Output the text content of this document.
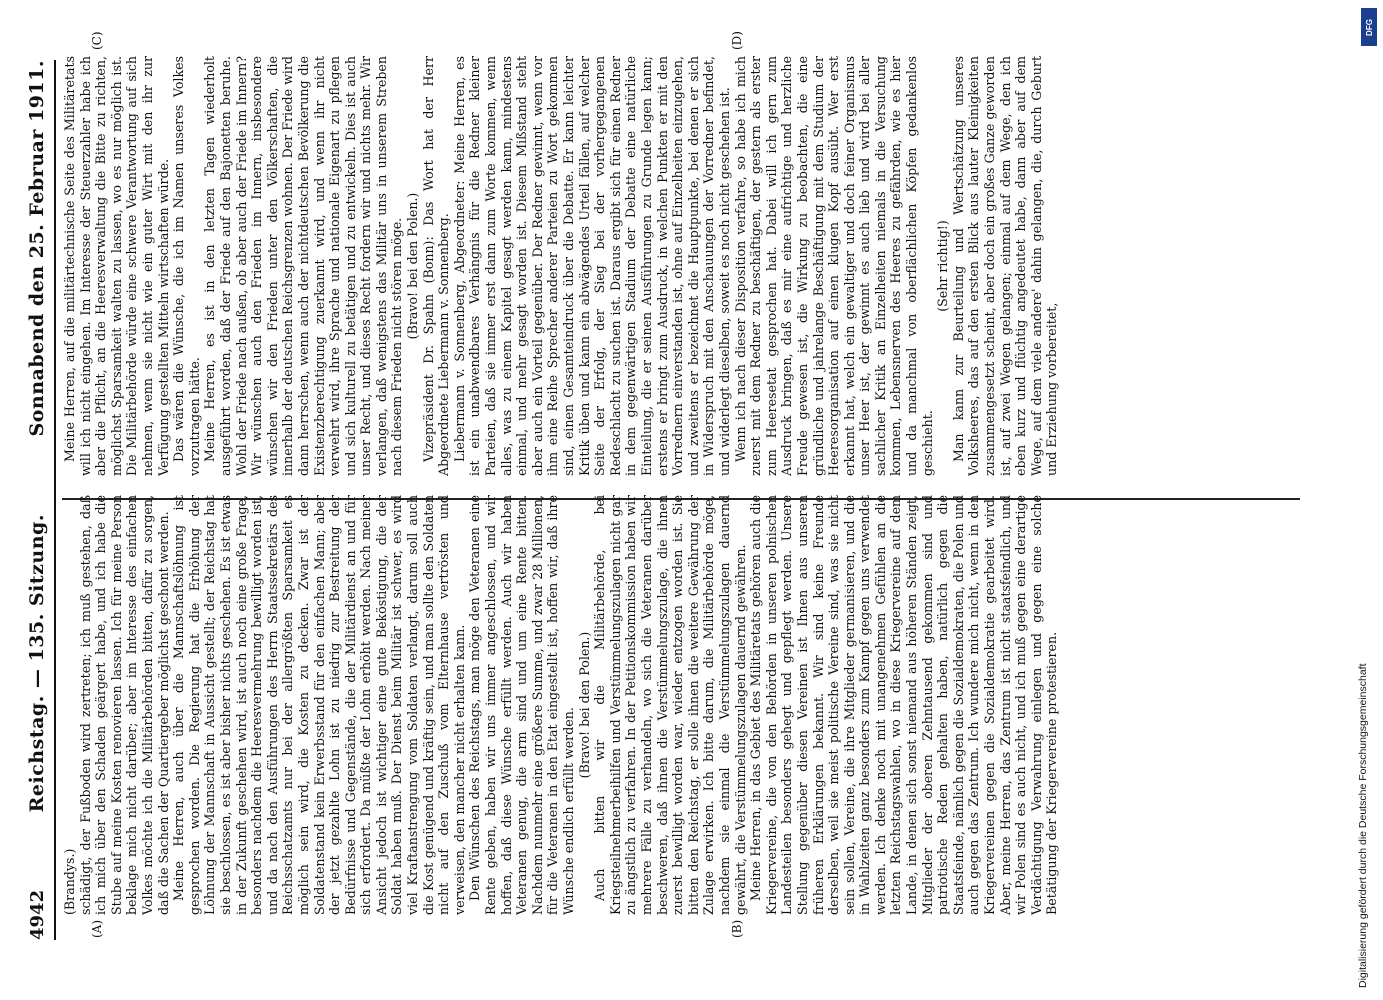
4942
Reichstag. — 135. Sitzung.
Sonnabend den 25. Februar 1911.
(A)	(B)
(C)	(D)

(Brandys.) schädigt, der Fußboden wird zertreten; ich muß gestehen, daß ich mich über den Schaden geärgert habe, und ich habe die Stube auf meine Kosten renovieren lassen. Ich für meine Person beklage mich nicht darüber; aber im Interesse des einfachen Volkes möchte ich die Militärbehörden bitten, dafür zu sorgen, daß die Sachen der Quartiergeber möglichst geschont werden. Meine Herren, auch über die Mannschaftslöhnung ist gesprochen worden. Die Regierung hat die Erhöhung der Löhnung der Mannschaft in Aussicht gestellt; der Reichstag hat sie beschlossen, es ist aber bisher nichts geschehen. Es ist etwas in der Zukunft geschehen wird, ist auch noch eine große Frage, besonders nachdem die Heeresvermehrung bewilligt worden ist, und da nach den Ausführungen des Herrn Staatssekretärs des Reichsschatzamts nur bei der allergrößten Sparsamkeit es möglich sein wird, die Kosten zu decken. Zwar ist der Soldatenstand kein Erwerbsstand für den einfachen Mann; aber der jetzt gezahlte Lohn ist zu niedrig zur Bestreitung der Bedürfnisse und Gegenstände, die der Militärdienst an und für sich erfordert. Da müßte der Lohn erhöht werden. Nach meiner Ansicht jedoch ist wichtiger eine gute Beköstigung, die der Soldat haben muß. Der Dienst beim Militär ist schwer, es wird viel Kraftanstrengung vom Soldaten verlangt, darum soll auch die Kost genügend und kräftig sein, und man sollte den Soldaten nicht auf den Zuschuß vom Elternhause vertrösten und verweisen, den mancher nicht erhalten kann. Den Wünschen des Reichstags, man möge den Veteranen eine Rente geben, haben wir uns immer angeschlossen, und wir hoffen, daß diese Wünsche erfüllt werden. Auch wir haben Veteranen genug, die arm sind und um eine Rente bitten. Nachdem nunmehr eine größere Summe, und zwar 28 Millionen, für die Veteranen in den Etat eingestellt ist, hoffen wir, daß ihre Wünsche endlich erfüllt werden.

(Bravo! bei den Polen.) Auch bitten wir die Militärbehörde, bei Kriegsteilnehmerbeihilfen und Verstümmelungszulagen nicht gar zu ängstlich zu verfahren. In der Petitionskommission haben wir mehrere Fälle zu verhandeln, wo sich die Veteranen darüber beschweren, daß ihnen die Verstümmelungszulage, die ihnen zuerst bewilligt worden war, wieder entzogen worden ist. Sie bitten den Reichstag, er solle ihnen die weitere Gewährung der Zulage erwirken. Ich bitte darum, die Militärbehörde möge, nachdem sie einmal die Verstümmelungszulagen dauernd gewährt, die Verstümmelungszulagen dauernd gewähren. Meine Herren, in das Gebiet des Militäretats gehören auch die Kriegervereine, die von den Behörden in unseren polnischen Landesteilen besonders gehegt und gepflegt werden. Unsere Stellung gegenüber diesen Vereinen ist Ihnen aus unseren früheren Erklärungen bekannt. Wir sind keine Freunde derselben, weil sie meist politische Vereine sind, was sie nicht sein sollen, Vereine, die ihre Mitglieder germanisieren, und die in Wahlzeiten ganz besonders zum Kampf gegen uns verwendet werden. Ich denke noch mit unangenehmen Gefühlen an die letzten Reichstagswahlen, wo in diese Kriegervereine auf dem Lande, in denen sich sonst niemand aus höheren Ständen zeigt, Mitglieder der oberen Zehntausend gekommen sind und patriotische Reden gehalten haben, natürlich gegen die Staatsfeinde, nämlich gegen die Sozialdemokraten, die Polen und auch gegen das Zentrum. Ich wundere mich nicht, wenn in den Kriegervereinen gegen die Sozialdemokratie gearbeitet wird. Aber, meine Herren, das Zentrum ist nicht staatsfeindlich, und wir Polen sind es auch nicht, und ich muß gegen eine derartige Verdächtigung Verwahrung einlegen und gegen eine solche Betätigung der Kriegervereine protestieren.

Meine Herren, auf die militärtechnische Seite des Militäretats will ich nicht eingehen. Im Interesse der Steuerzahler habe ich aber die Pflicht, an die Heeresverwaltung die Bitte zu richten, möglichst Sparsamkeit walten zu lassen, wo es nur möglich ist. Die Militärbehörde würde eine schwere Verantwortung auf sich nehmen, wenn sie nicht wie ein guter Wirt mit den ihr zur Verfügung gestellten Mitteln wirtschaften würde. Das wären die Wünsche, die ich im Namen unseres Volkes vorzutragen hätte. Meine Herren, es ist in den letzten Tagen wiederholt ausgeführt worden, daß der Friede auf den Bajonetten beruhe. Wohl der Friede nach außen, ob aber auch der Friede im Innern? Wir wünschen auch den Frieden im Innern, insbesondere wünschen wir den Frieden unter den Völkerschaften, die innerhalb der deutschen Reichsgrenzen wohnen. Der Friede wird dann herrschen, wenn auch der nichtdeutschen Bevölkerung die Existenzberechtigung zuerkannt wird, und wenn ihr nicht verwehrt wird, ihre Sprache und nationale Eigenart zu pflegen und sich kulturell zu betätigen und zu entwickeln. Dies ist auch unser Recht, und dieses Recht fordern wir und nichts mehr. Wir verlangen, daß wenigstens das Militär uns in unserem Streben nach diesem Frieden nicht stören möge. (Bravo! bei den Polen.) Vizepräsident Dr. Spahn (Bonn): Das Wort hat der Herr Abgeordnete Liebermann v. Sonnenberg. Liebermann v. Sonnenberg, Abgeordneter: Meine Herren, es ist ein unabwendbares Verhängnis für die Redner kleiner Parteien, daß sie immer erst dann zum Worte kommen, wenn alles, was zu einem Kapitel gesagt werden kann, mindestens einmal, und mehr gesagt worden ist. Diesem Mißstand steht aber auch ein Vorteil gegenüber. Der Redner gewinnt, wenn vor ihm eine Reihe Sprecher anderer Parteien zu Wort gekommen sind, einen Gesamteindruck über die Debatte. Er kann leichter Kritik üben und kann ein abwägendes Urteil fällen, auf welcher Seite der Erfolg, der Sieg bei der vorhergegangenen Redeschlacht zu suchen ist. Daraus ergibt sich für einen Redner in dem gegenwärtigen Stadium der Debatte eine natürliche Einteilung, die er seinen Ausführungen zu Grunde legen kann; erstens er bringt zum Ausdruck, in welchen Punkten er mit den Vorrednern einverstanden ist, ohne auf Einzelheiten einzugehen, und zweitens er bezeichnet die Hauptpunkte, bei denen er sich in Widerspruch mit den Anschauungen der Vorredner befindet, und widerlegt dieselben, soweit es noch nicht geschehen ist. Wenn ich nach dieser Disposition verfahre, so habe ich mich zuerst mit dem Redner zu beschäftigen, der gestern als erster zum Heeresetat gesprochen hat. Dabei will ich gern zum Ausdruck bringen, daß es mir eine aufrichtige und herzliche Freude gewesen ist, die Wirkung zu beobachten, die eine gründliche und jahrelange Beschäftigung mit dem Studium der Heeresorganisation auf einen klugen Kopf ausübt. Wer erst erkannt hat, welch ein gewaltiger und doch feiner Organismus unser Heer ist, der gewinnt es auch lieb und wird bei aller sachlicher Kritik an Einzelheiten niemals in die Versuchung kommen, Lebensnerven des Heeres zu gefährden, wie es hier und da manchmal von oberflächlichen Köpfen gedankenlos geschieht.

(Sehr richtig!) Man kann zur Beurteilung und Wertschätzung unseres Volksheeres, das auf den ersten Blick aus lauter Kleinigkeiten zusammengesetzt scheint, aber doch ein großes Ganze geworden ist, auf zwei Wegen gelangen; einmal auf dem Wege, den ich eben kurz und flüchtig angedeutet habe, dann aber auf dem Wege, auf dem viele andere' dahin gelangen, die, durch Geburt und Erziehung vorbereitet,

DFG
Digitalisierung gefördert durch die Deutsche Forschungsgemeinschaft
